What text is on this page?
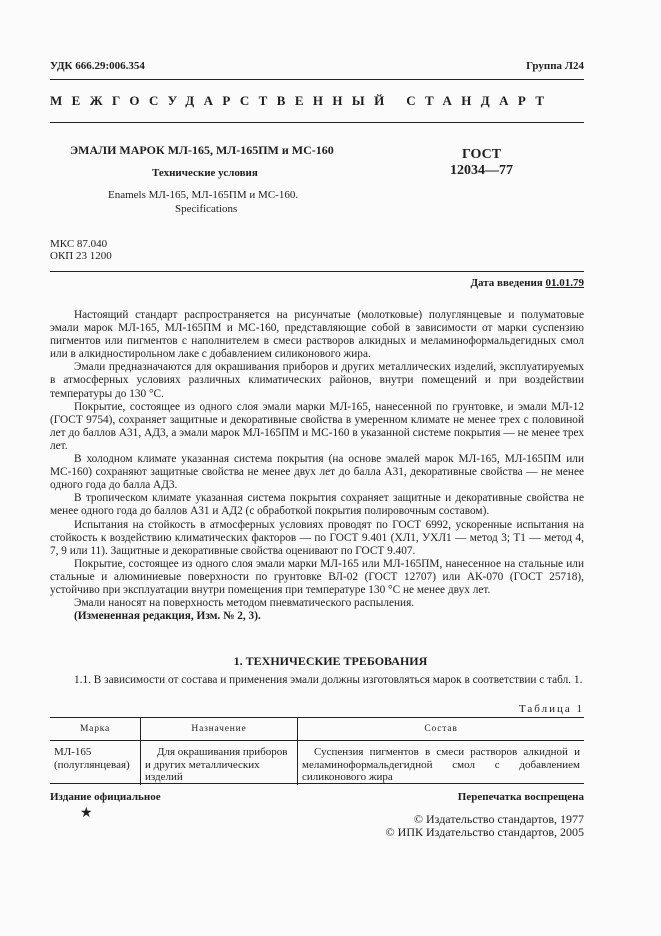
УДК 666.29:006.354	Группа Л24
МЕЖГОСУДАРСТВЕННЫЙ СТАНДАРТ
ЭМАЛИ МАРОК МЛ-165, МЛ-165ПМ и МС-160
Технические условия
Enamels МЛ-165, МЛ-165ПМ и МС-160.
Specifications
ГОСТ
12034—77
МКС 87.040
ОКП 23 1200
Дата введения 01.01.79

Настоящий стандарт распространяется на рисунчатые (молотковые) полуглянцевые и полуматовые эмали марок МЛ-165, МЛ-165ПМ и МС-160, представляющие собой в зависимости от марки суспензию пигментов или пигментов с наполнителем в смеси растворов алкидных и меламиноформальдегидных смол или в алкидностирольном лаке с добавлением силиконового жира.

Эмали предназначаются для окрашивания приборов и других металлических изделий, эксплуатируемых в атмосферных условиях различных климатических районов, внутри помещений и при воздействии температуры до 130 °С.

Покрытие, состоящее из одного слоя эмали марки МЛ-165, нанесенной по грунтовке, и эмали МЛ-12 (ГОСТ 9754), сохраняет защитные и декоративные свойства в умеренном климате не менее трех с половиной лет до баллов А31, АД3, а эмали марок МЛ-165ПМ и МС-160 в указанной системе покрытия — не менее трех лет.

В холодном климате указанная система покрытия (на основе эмалей марок МЛ-165, МЛ-165ПМ или МС-160) сохраняют защитные свойства не менее двух лет до балла А31, декоративные свойства — не менее одного года до балла АД3.

В тропическом климате указанная система покрытия сохраняет защитные и декоративные свойства не менее одного года до баллов А31 и АД2 (с обработкой покрытия полировочным составом).

Испытания на стойкость в атмосферных условиях проводят по ГОСТ 6992, ускоренные испытания на стойкость к воздействию климатических факторов — по ГОСТ 9.401 (ХЛ1, УХЛ1 — метод 3; Т1 — метод 4, 7, 9 или 11). Защитные и декоративные свойства оценивают по ГОСТ 9.407.

Покрытие, состоящее из одного слоя эмали марки МЛ-165 или МЛ-165ПМ, нанесенное на стальные или стальные и алюминиевые поверхности по грунтовке ВЛ-02 (ГОСТ 12707) или АК-070 (ГОСТ 25718), устойчиво при эксплуатации внутри помещения при температуре 130 °С не менее двух лет.

Эмали наносят на поверхность методом пневматического распыления.

(Измененная редакция, Изм. № 2, 3).

1. ТЕХНИЧЕСКИЕ ТРЕБОВАНИЯ

1.1. В зависимости от состава и применения эмали должны изготовляться марок в соответствии с табл. 1.

Таблица 1
Марка	Назначение	Состав
МЛ-165 (полуглянцевая)	Для окрашивания приборов и других металлических изделий	Суспензия пигментов в смеси растворов алкидной и меламиноформальдегидной смол с добавлением силиконового жира
Издание официальное	Перепечатка воспрещена
★	© Издательство стандартов, 1977
© ИПК Издательство стандартов, 2005
